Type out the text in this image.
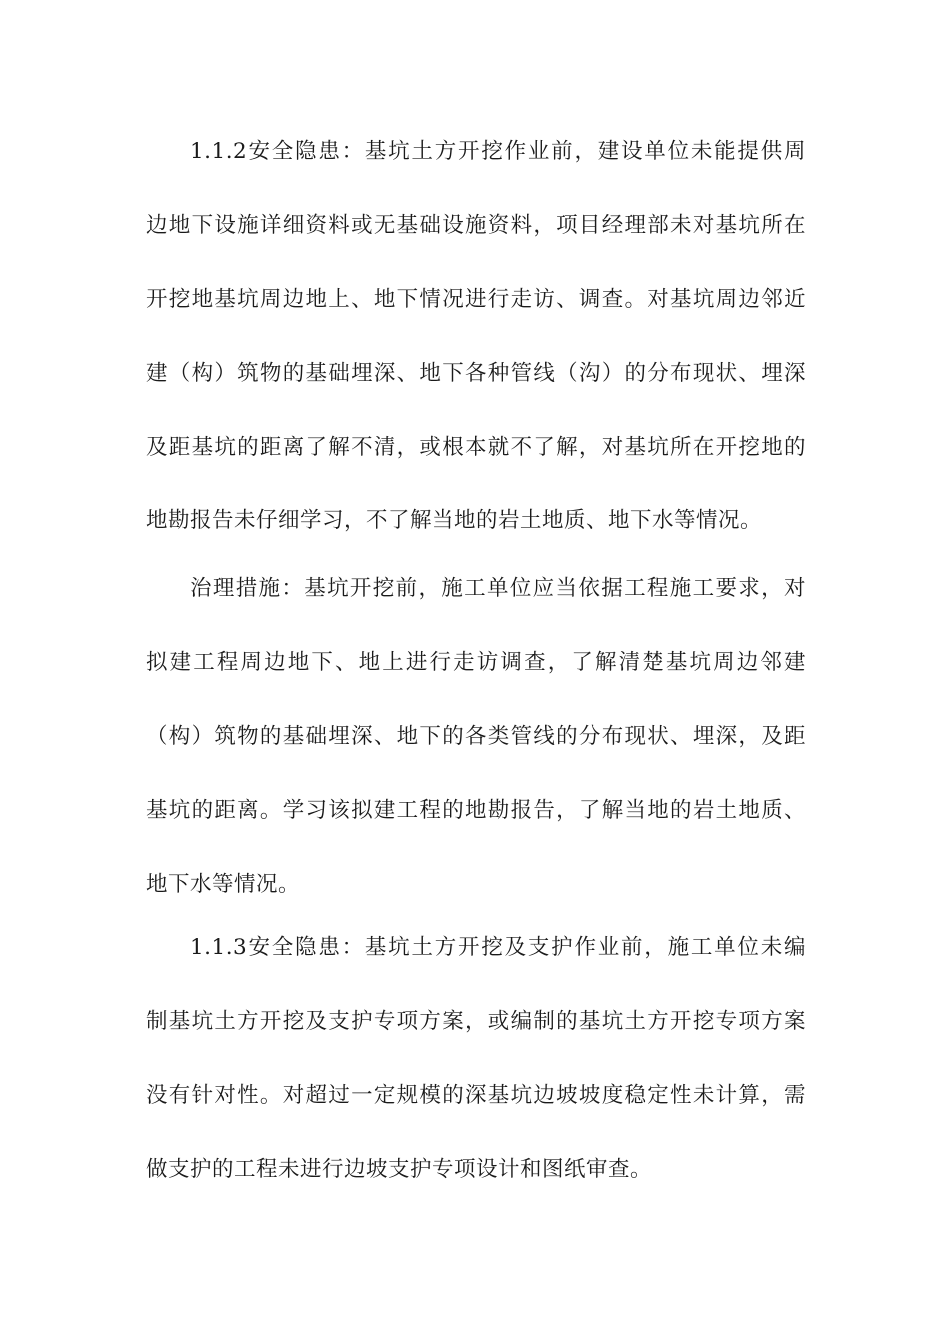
1.1.2安全隐患：基坑土方开挖作业前，建设单位未能提供周
边地下设施详细资料或无基础设施资料，项目经理部未对基坑所在
开挖地基坑周边地上、地下情况进行走访、调查。对基坑周边邻近
建（构）筑物的基础埋深、地下各种管线（沟）的分布现状、埋深
及距基坑的距离了解不清，或根本就不了解，对基坑所在开挖地的
地勘报告未仔细学习，不了解当地的岩土地质、地下水等情况。
治理措施：基坑开挖前，施工单位应当依据工程施工要求，对
拟建工程周边地下、地上进行走访调查，了解清楚基坑周边邻建
（构）筑物的基础埋深、地下的各类管线的分布现状、埋深，及距
基坑的距离。学习该拟建工程的地勘报告，了解当地的岩土地质、
地下水等情况。
1.1.3安全隐患：基坑土方开挖及支护作业前，施工单位未编
制基坑土方开挖及支护专项方案，或编制的基坑土方开挖专项方案
没有针对性。对超过一定规模的深基坑边坡坡度稳定性未计算，需
做支护的工程未进行边坡支护专项设计和图纸审查。
